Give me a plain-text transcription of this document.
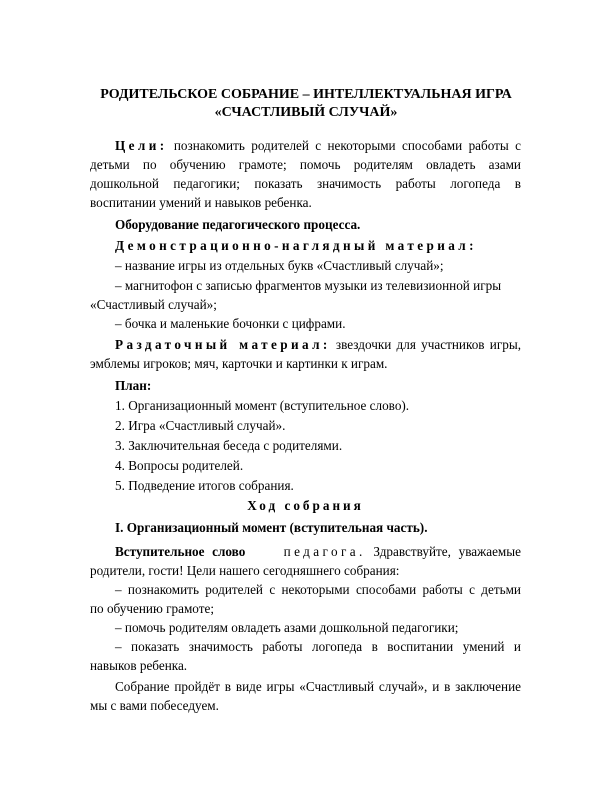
РОДИТЕЛЬСКОЕ СОБРАНИЕ – ИНТЕЛЛЕКТУАЛЬНАЯ ИГРА
«СЧАСТЛИВЫЙ СЛУЧАЙ»
Цели: познакомить родителей с некоторыми способами работы с
детьми по обучению грамоте; помочь родителям овладеть азами
дошкольной педагогики; показать значимость работы логопеда в
воспитании умений и навыков ребенка.
Оборудование педагогического процесса.
Демонстрационно-наглядный материал:
– название игры из отдельных букв «Счастливый случай»;
– магнитофон с записью фрагментов музыки из телевизионной игры
«Счастливый случай»;
– бочка и маленькие бочонки с цифрами.
Раздаточный материал: звездочки для участников игры,
эмблемы игроков; мяч, карточки и картинки к играм.
План:
1. Организационный момент (вступительное слово).
2. Игра «Счастливый случай».
3. Заключительная беседа с родителями.
4. Вопросы родителей.
5. Подведение итогов собрания.
Ход собрания
I. Организационный момент (вступительная часть).
Вступительное слово	педагога. Здравствуйте, уважаемые
родители, гости! Цели нашего сегодняшнего собрания:
– познакомить родителей с некоторыми способами работы с детьми
по обучению грамоте;
– помочь родителям овладеть азами дошкольной педагогики;
– показать значимость работы логопеда в воспитании умений и
навыков ребенка.
Собрание пройдёт в виде игры «Счастливый случай», и в заключение
мы с вами побеседуем.
